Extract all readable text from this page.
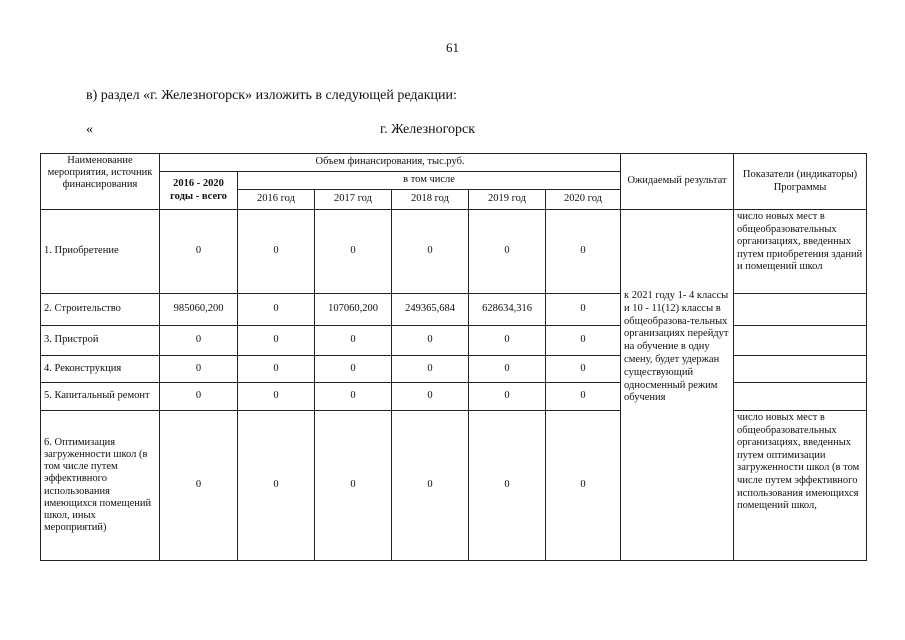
61
в) раздел «г. Железногорск» изложить в следующей редакции:
«	г. Железногорск
Наименование мероприятия, источник финансирования	Объем финансирования, тыс.руб.						Ожидаемый результат	Показатели (индикаторы) Программы
	2016 - 2020 годы - всего	в том числе						
		2016 год	2017 год	2018 год	2019 год	2020 год		
1. Приобретение	0	0	0	0	0	0	к 2021 году 1- 4 классы и 10 - 11(12) классы в общеобразова-тельных организациях перейдут на обучение в одну смену, будет удержан существующий односменный режим обучения	число новых мест в общеобразовательных организациях, введенных путем приобретения зданий и помещений школ
2. Строительство	985060,200	0	107060,200	249365,684	628634,316	0		
3. Пристрой	0	0	0	0	0	0		
4. Реконструкция	0	0	0	0	0	0		
5. Капитальный ремонт	0	0	0	0	0	0		
6. Оптимизация загруженности школ (в том числе путем эффективного использования имеющихся помещений школ, иных мероприятий)	0	0	0	0	0	0		число новых мест в общеобразовательных организациях, введенных путем оптимизации загруженности школ (в том числе путем эффективного использования имеющихся помещений школ,
